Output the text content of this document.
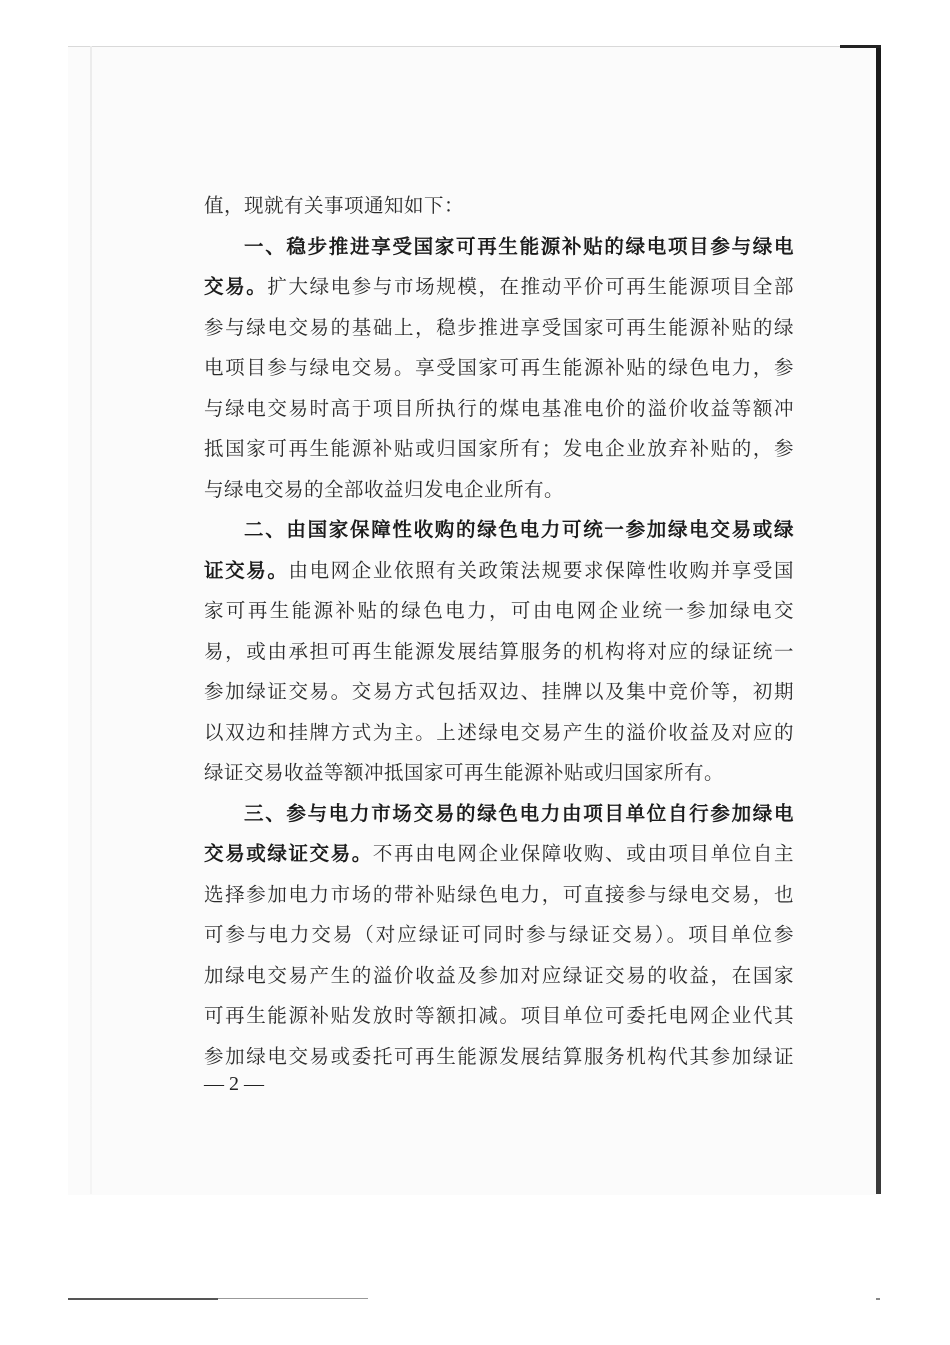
值，现就有关事项通知如下：
一、稳步推进享受国家可再生能源补贴的绿电项目参与绿电
交易。扩大绿电参与市场规模，在推动平价可再生能源项目全部
参与绿电交易的基础上，稳步推进享受国家可再生能源补贴的绿
电项目参与绿电交易。享受国家可再生能源补贴的绿色电力，参
与绿电交易时高于项目所执行的煤电基准电价的溢价收益等额冲
抵国家可再生能源补贴或归国家所有；发电企业放弃补贴的，参
与绿电交易的全部收益归发电企业所有。
二、由国家保障性收购的绿色电力可统一参加绿电交易或绿
证交易。由电网企业依照有关政策法规要求保障性收购并享受国
家可再生能源补贴的绿色电力，可由电网企业统一参加绿电交
易，或由承担可再生能源发展结算服务的机构将对应的绿证统一
参加绿证交易。交易方式包括双边、挂牌以及集中竞价等，初期
以双边和挂牌方式为主。上述绿电交易产生的溢价收益及对应的
绿证交易收益等额冲抵国家可再生能源补贴或归国家所有。
三、参与电力市场交易的绿色电力由项目单位自行参加绿电
交易或绿证交易。不再由电网企业保障收购、或由项目单位自主
选择参加电力市场的带补贴绿色电力，可直接参与绿电交易，也
可参与电力交易（对应绿证可同时参与绿证交易）。项目单位参
加绿电交易产生的溢价收益及参加对应绿证交易的收益，在国家
可再生能源补贴发放时等额扣减。项目单位可委托电网企业代其
参加绿电交易或委托可再生能源发展结算服务机构代其参加绿证
— 2 —
